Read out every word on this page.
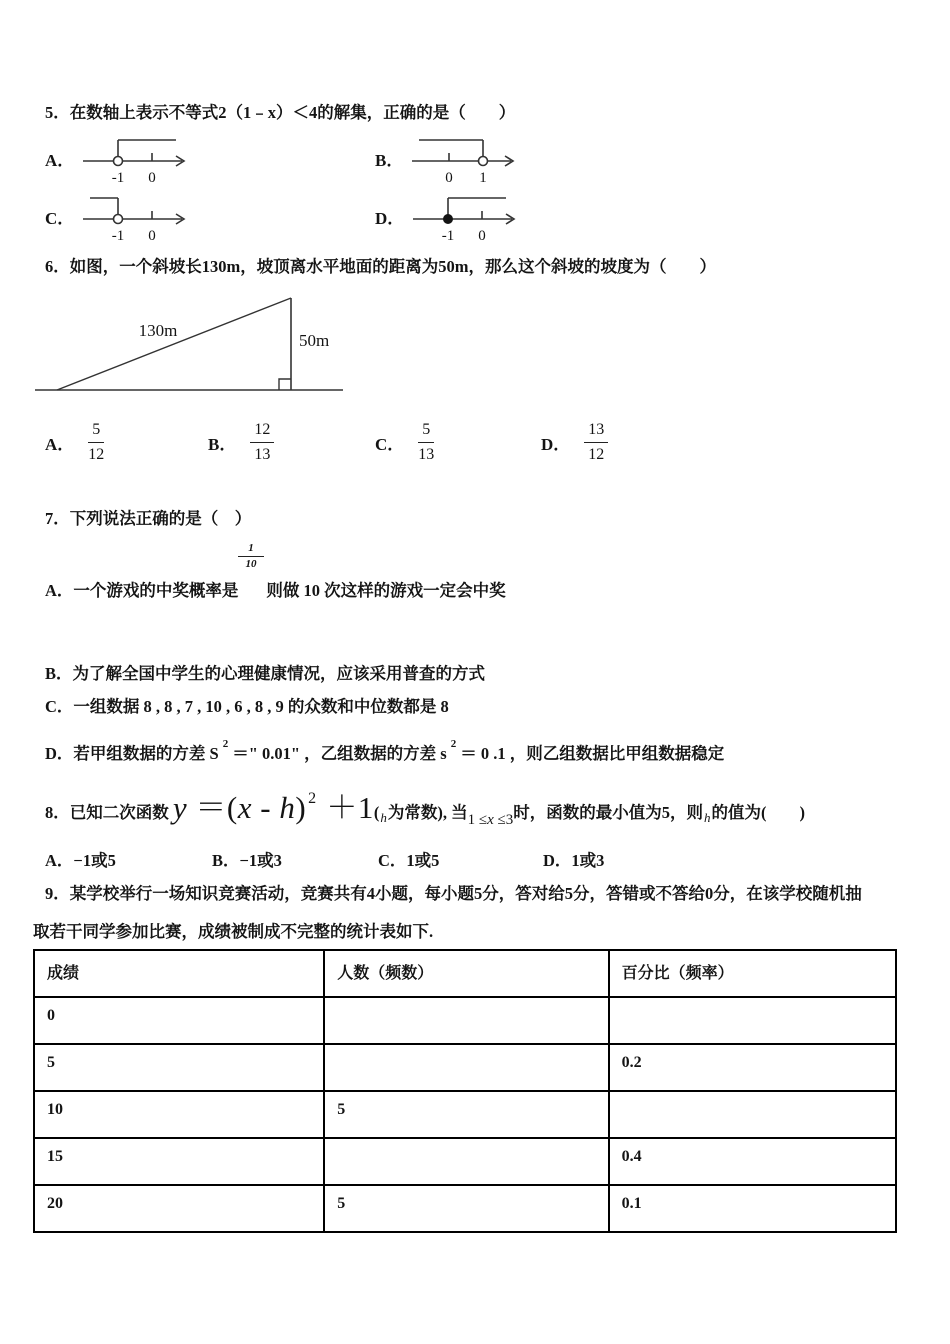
5．在数轴上表示不等式2（1﹣x）＜4的解集，正确的是（　　）
A．
-1 0
B．
0 1
C．
-1 0
D．
-1 0
6．如图，一个斜坡长130m，坡顶离水平地面的距离为50m，那么这个斜坡的坡度为（　　）
130m
50m
A． $\frac{5}{12}$	B． $\frac{12}{13}$	C． $\frac{5}{13}$	D． $\frac{13}{12}$
7．下列说法正确的是（　）
$\frac{1}{10}$
A．一个游戏的中奖概率是 则做 10 次这样的游戏一定会中奖
B．为了解全国中学生的心理健康情况，应该采用普查的方式
C．一组数据 8 , 8 , 7 , 10 , 6 , 8 , 9 的众数和中位数都是 8
D．若甲组数据的方差 S $^2$ ＝" 0.01" ，乙组数据的方差 s $^2$ ＝ 0 .1 ，则乙组数据比甲组数据稳定
8．已知二次函数 y ＝(x - h) $2 +1(_h$为常数), 当1 ≤x ≤3时，函数的最小值为5，则$_h$的值为(　　)
A．−1或5	B．−1或3	C．1或5	D．1或3
9．某学校举行一场知识竞赛活动，竞赛共有4小题，每小题5分，答对给5分，答错或不答给0分，在该学校随机抽
取若干同学参加比赛，成绩被制成不完整的统计表如下.
成绩	人数（频数）	百分比（频率）
0		
5		0.2
10	5	
15		0.4
20	5	0.1
